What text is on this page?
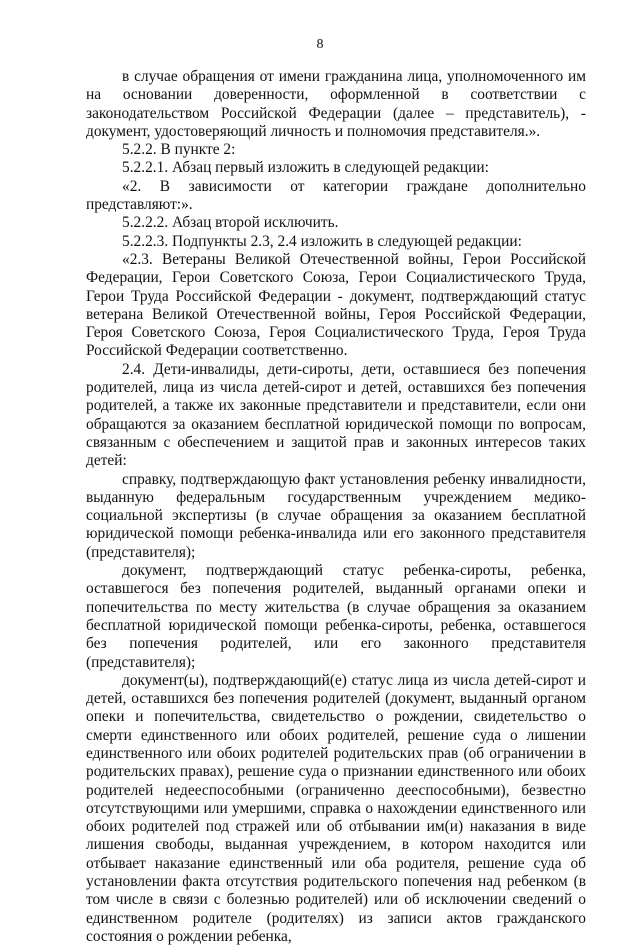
8

в случае обращения от имени гражданина лица, уполномоченного им на основании доверенности, оформленной в соответствии с законодательством Российской Федерации (далее – представитель), - документ, удостоверяющий личность и полномочия представителя.».

5.2.2. В пункте 2:

5.2.2.1. Абзац первый изложить в следующей редакции:

«2. В зависимости от категории граждане дополнительно представляют:».

5.2.2.2. Абзац второй исключить.

5.2.2.3. Подпункты 2.3, 2.4 изложить в следующей редакции:

«2.3. Ветераны Великой Отечественной войны, Герои Российской Федерации, Герои Советского Союза, Герои Социалистического Труда, Герои Труда Российской Федерации - документ, подтверждающий статус ветерана Великой Отечественной войны, Героя Российской Федерации, Героя Советского Союза, Героя Социалистического Труда, Героя Труда Российской Федерации соответственно.

2.4. Дети-инвалиды, дети-сироты, дети, оставшиеся без попечения родителей, лица из числа детей-сирот и детей, оставшихся без попечения родителей, а также их законные представители и представители, если они обращаются за оказанием бесплатной юридической помощи по вопросам, связанным с обеспечением и защитой прав и законных интересов таких детей:

справку, подтверждающую факт установления ребенку инвалидности, выданную федеральным государственным учреждением медико-социальной экспертизы (в случае обращения за оказанием бесплатной юридической помощи ребенка-инвалида или его законного представителя (представителя);

документ, подтверждающий статус ребенка-сироты, ребенка, оставшегося без попечения родителей, выданный органами опеки и попечительства по месту жительства (в случае обращения за оказанием бесплатной юридической помощи ребенка-сироты, ребенка, оставшегося без попечения родителей, или его законного представителя (представителя);

документ(ы), подтверждающий(е) статус лица из числа детей-сирот и детей, оставшихся без попечения родителей (документ, выданный органом опеки и попечительства, свидетельство о рождении, свидетельство о смерти единственного или обоих родителей, решение суда о лишении единственного или обоих родителей родительских прав (об ограничении в родительских правах), решение суда о признании единственного или обоих родителей недееспособными (ограниченно дееспособными), безвестно отсутствующими или умершими, справка о нахождении единственного или обоих родителей под стражей или об отбывании им(и) наказания в виде лишения свободы, выданная учреждением, в котором находится или отбывает наказание единственный или оба родителя, решение суда об установлении факта отсутствия родительского попечения над ребенком (в том числе в связи с болезнью родителей) или об исключении сведений о единственном родителе (родителях) из записи актов гражданского состояния о рождении ребенка,
